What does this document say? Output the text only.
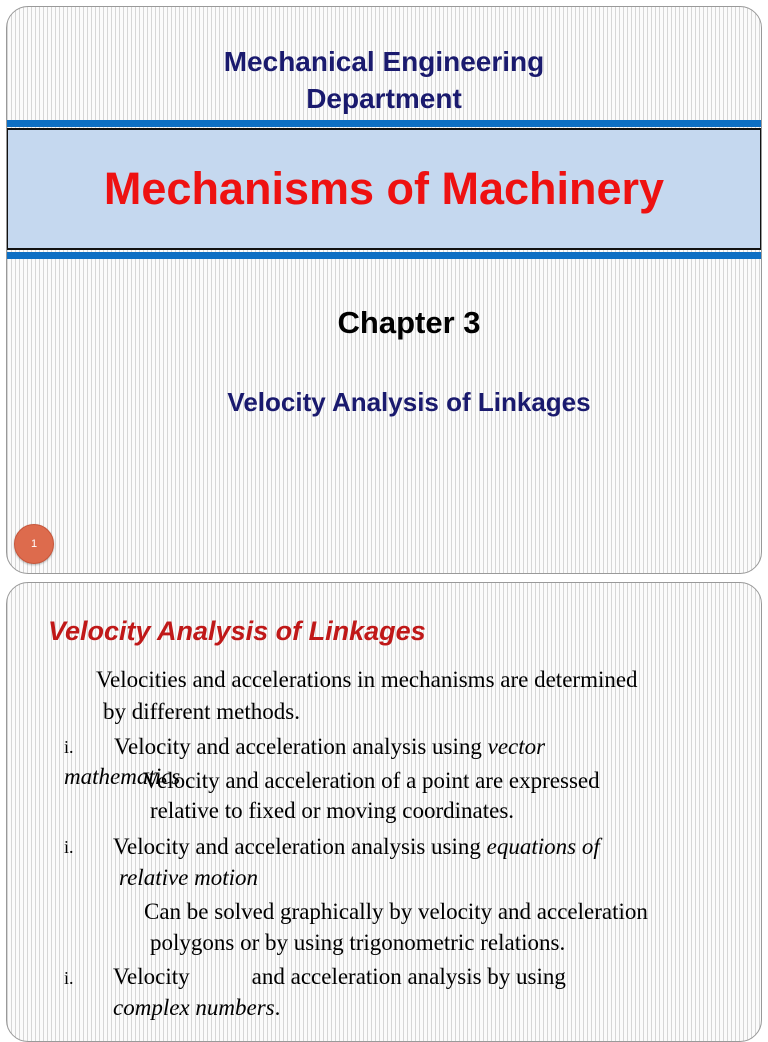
Mechanical Engineering
Department
Mechanisms of Machinery
Chapter 3
Velocity Analysis of Linkages
1
Velocity Analysis of Linkages
Velocities and accelerations in mechanisms are determined
by different methods.
i. Velocity and acceleration analysis using vector
mathematics
Velocity and acceleration of a point are expressed
relative to fixed or moving coordinates.
i. Velocity and acceleration analysis using equations of
relative motion
Can be solved graphically by velocity and acceleration
polygons or by using trigonometric relations.
i. Velocity	and acceleration analysis by using
complex numbers.
